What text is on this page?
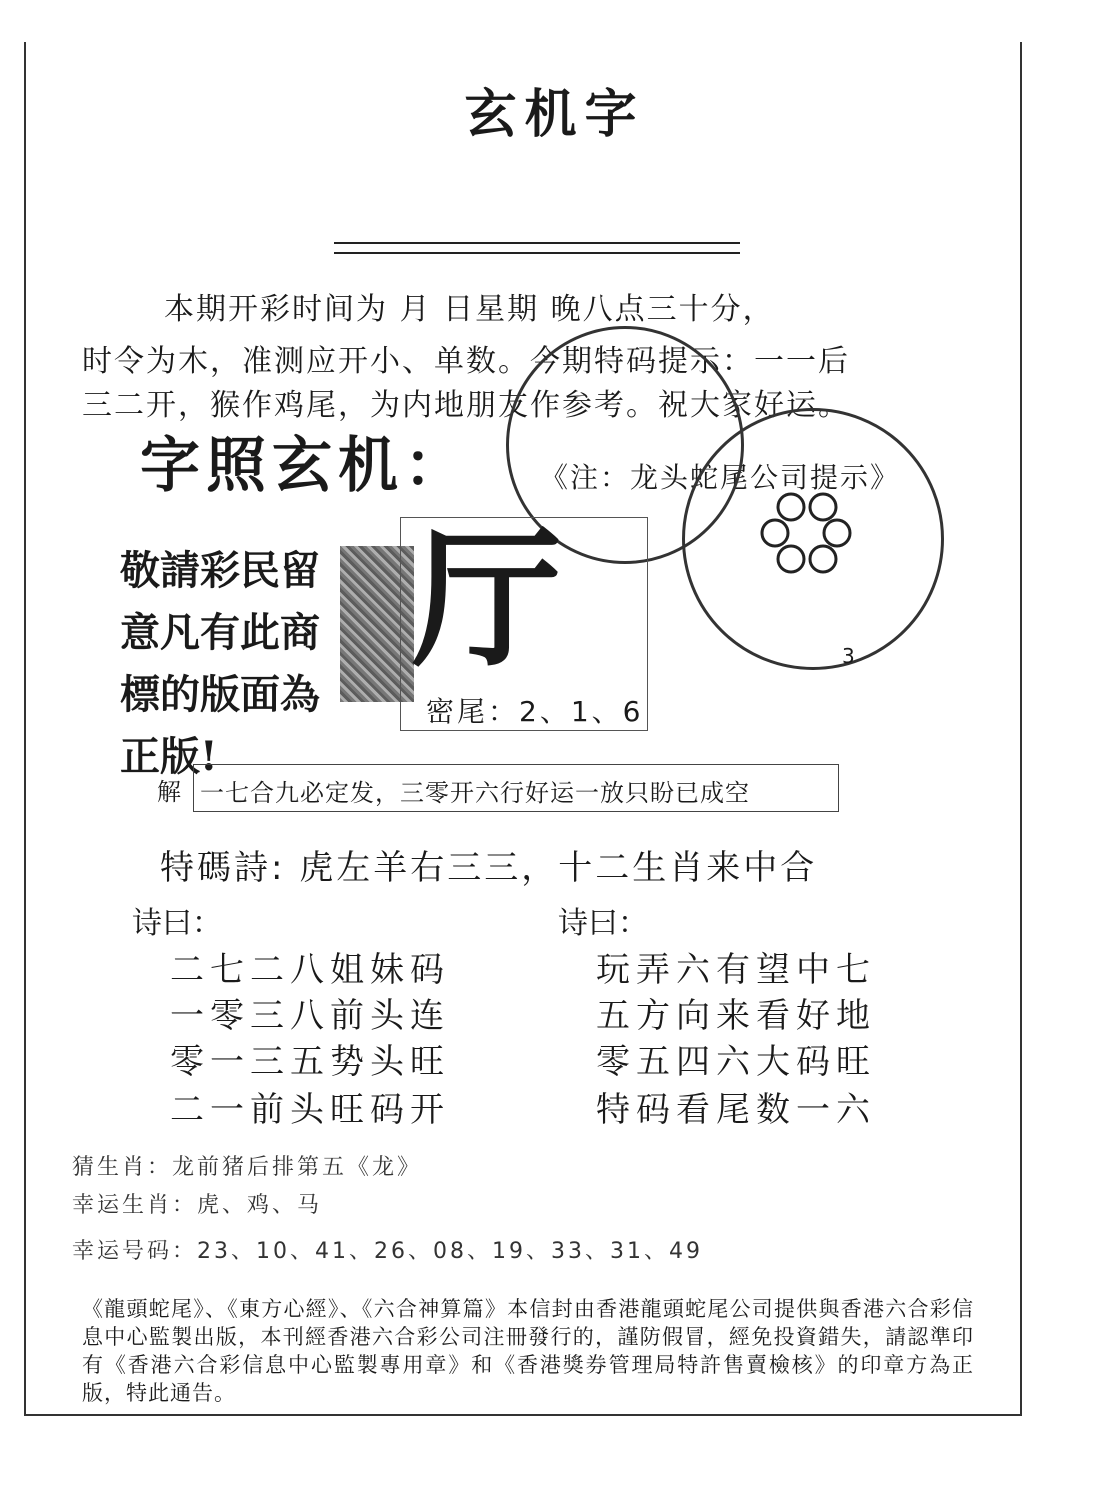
玄机字
本期开彩时间为 月 日星期 晚八点三十分，
时令为木，准测应开小、单数。今期特码提示：一一后
三二开，猴作鸡尾，为内地朋友作参考。祝大家好运。
字照玄机：	《注：龙头蛇尾公司提示》
敬請彩民留意凡有此商標的版面為正版!
厅
密尾：2、1、6
3
解 一七合九必定发，三零开六行好运一放只盼已成空
特碼詩: 虎左羊右三三，十二生肖来中合
诗曰：
二七二八姐妹码
一零三八前头连
零一三五势头旺
二一前头旺码开
诗曰：
玩弄六有望中七
五方向来看好地
零五四六大码旺
特码看尾数一六
猜生肖：龙前猪后排第五《龙》
幸运生肖：虎、鸡、马
幸运号码：23、10、41、26、08、19、33、31、49
《龍頭蛇尾》、《東方心經》、《六合神算篇》本信封由香港龍頭蛇尾公司提供與香港六合彩信息中心監製出版，本刊經香港六合彩公司注冊發行的，謹防假冒，經免投資錯失，請認準印有《香港六合彩信息中心監製專用章》和《香港獎券管理局特許售賣檢核》的印章方為正版，特此通告。
